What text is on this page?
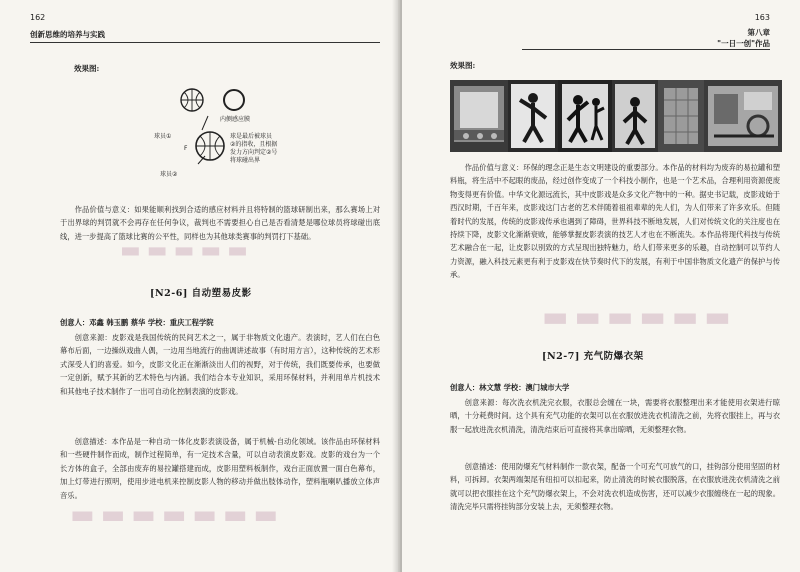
162
创新思维的培养与实践
效果图:
内侧感应膜
球员①
球员②
F
球是最后被球员
②的指收，且根据
发力方向判定②号
将球碰出界

作品价值与意义：如果能顺利找到合适的感应材料并且将特制的篮球研制出来，那么赛场上对于出界球的判罚就不会再存在任何争议，裁判也不需要担心自己是否看清楚是哪位球员将球碰出底线，进一步提高了篮球比赛的公平性，同样也为其他球类赛事的判罚打下基础。

▬▬▬▬▬
[N2-6] 自动塑易皮影
创意人：邓鑫 韩玉鹏 蔡华 学校：重庆工程学院

创意来源：皮影戏是我国传统的民间艺术之一，属于非物质文化遗产。表演时，艺人们在白色幕布后面，一边操纵戏曲人偶，一边用当地流行的曲调讲述故事（有时用方言），这种传统的艺术形式深受人们的喜爱。如今，皮影文化正在渐渐淡出人们的视野，对于传统，我们既要传承，也要做一定创新，赋予其新的艺术特色与内涵。我们结合本专业知识，采用环保材料，并利用单片机技术和其他电子技术制作了一出可自动化控制表演的皮影戏。

创意描述：本作品是一种自动一体化皮影表演设备，属于机械-自动化领域。该作品由环保材料和一些硬件制作而成，制作过程简单，有一定技术含量，可以自动表演皮影戏。皮影的戏台为一个长方体的盒子，全部由废弃的易拉罐搭建而成，皮影用塑料板制作，戏台正面放置一面白色幕布，加上灯带进行照明，使用步进电机来控制皮影人物的移动并做出肢体动作，塑料瓶喇叭播放立体声音乐。

▬▬▬▬▬▬▬
163
第八章
"一日一创"作品
效果图:

作品价值与意义：环保的理念正是生态文明建设的重要部分。本作品的材料均为废弃的易拉罐和塑料瓶，将生活中不起眼的废品，经过创作变成了一个科技小制作，也是一个艺术品，合理利用资源使废物变得更有价值。中华文化源远流长，其中皮影戏是众多文化产物中的一种。据史书记载，皮影戏始于西汉时期，千百年来，皮影戏这门古老的艺术伴随着祖祖辈辈的先人们，为人们带来了许多欢乐。但随着时代的发展，传统的皮影戏传承也遇到了障碍，世界科技不断地发展，人们对传统文化的关注度也在持续下降，皮影文化渐渐衰败，能够掌握皮影表演的技艺人才也在不断流失。本作品将现代科技与传统艺术融合在一起，让皮影以别致的方式呈现出独特魅力，给人们带来更多的乐趣，自动控制可以节约人力资源，融入科技元素更有利于皮影戏在快节奏时代下的发展，有利于中国非物质文化遗产的保护与传承。

▬▬▬▬▬▬
[N2-7] 充气防爆衣架
创意人：林文慧 学校：澳门城市大学

创意来源：每次洗衣机洗完衣服，衣服总会缠在一块，需要将衣服整理出来才能使用衣架进行晾晒，十分耗费时间。这个具有充气功能的衣架可以在衣服放进洗衣机清洗之前，先将衣服挂上，再与衣服一起放进洗衣机清洗，清洗结束后可直接将其拿出晾晒，无须整理衣物。

创意描述：使用防爆充气材料制作一款衣架，配备一个可充气可放气的口，挂钩部分使用坚固的材料，可拆卸。衣架两端架尾有纽扣可以扣起来，防止清洗的时候衣服脱落，在衣服放进洗衣机清洗之前就可以把衣服挂在这个充气防爆衣架上，不会对洗衣机造成伤害，还可以减少衣服缠绕在一起的现象。清洗完毕只需将挂钩部分安装上去，无须整理衣物。
